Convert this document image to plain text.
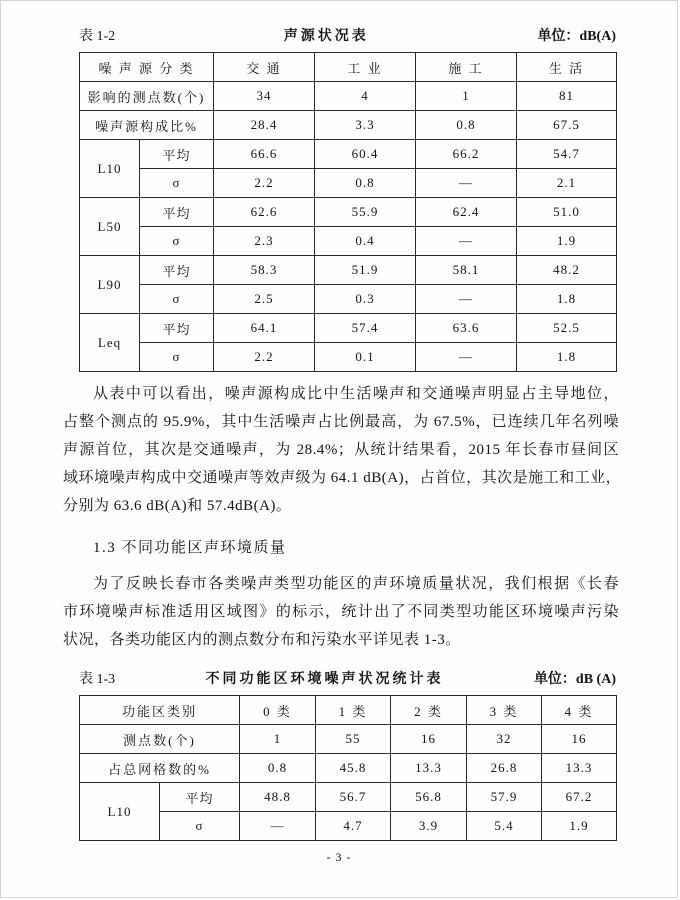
表 1-2	声源状况表	单位：dB(A)
噪 声 源 分 类		交 通	工 业	施 工	生 活
影响的测点数(个)		34	4	1	81
噪声源构成比%		28.4	3.3	0.8	67.5
L10	平均	66.6	60.4	66.2	54.7
	σ	2.2	0.8	—	2.1
L50	平均	62.6	55.9	62.4	51.0
	σ	2.3	0.4	—	1.9
L90	平均	58.3	51.9	58.1	48.2
	σ	2.5	0.3	—	1.8
Leq	平均	64.1	57.4	63.6	52.5
	σ	2.2	0.1	—	1.8
从表中可以看出，噪声源构成比中生活噪声和交通噪声明显占主导地位，
占整个测点的 95.9%，其中生活噪声占比例最高，为 67.5%，已连续几年名列噪
声源首位，其次是交通噪声，为 28.4%；从统计结果看，2015 年长春市昼间区
域环境噪声构成中交通噪声等效声级为 64.1 dB(A)，占首位，其次是施工和工业，
分别为 63.6 dB(A)和 57.4dB(A)。
1.3 不同功能区声环境质量
为了反映长春市各类噪声类型功能区的声环境质量状况，我们根据《长春
市环境噪声标准适用区域图》的标示，统计出了不同类型功能区环境噪声污染
状况，各类功能区内的测点数分布和污染水平详见表 1-3。
表 1-3	不同功能区环境噪声状况统计表	单位：dB (A)
功能区类别		0 类	1 类	2 类	3 类	4 类
测点数(个)		1	55	16	32	16
占总网格数的%		0.8	45.8	13.3	26.8	13.3
L10	平均	48.8	56.7	56.8	57.9	67.2
	σ	—	4.7	3.9	5.4	1.9
- 3 -
